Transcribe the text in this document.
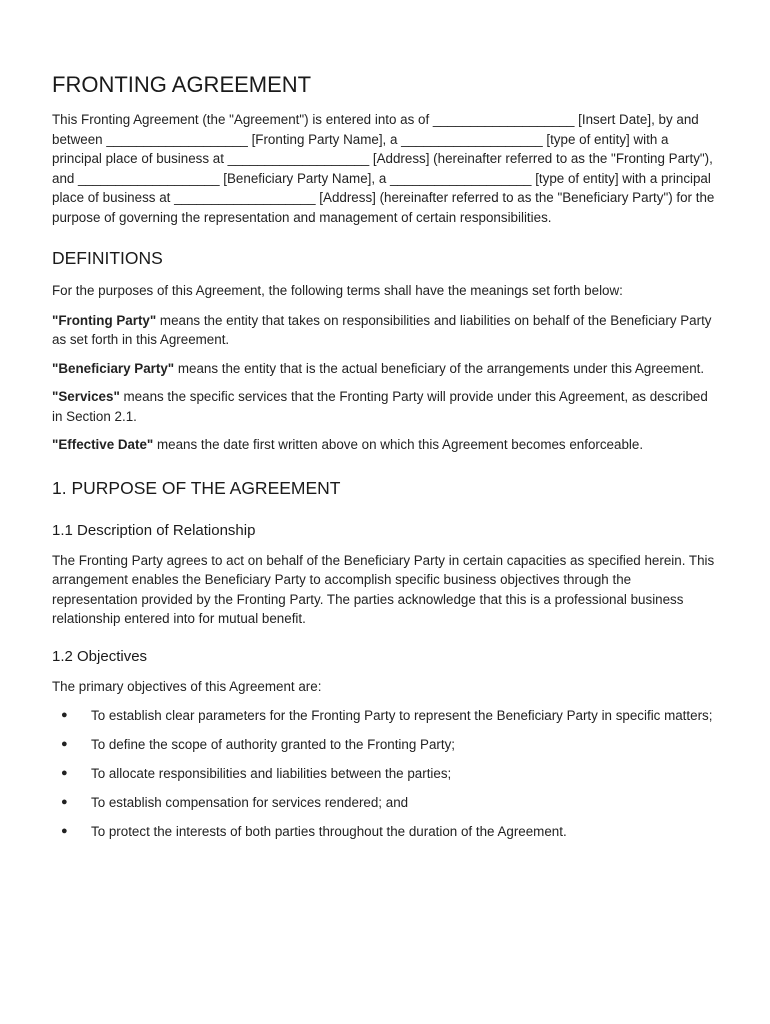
FRONTING AGREEMENT

This Fronting Agreement (the "Agreement") is entered into as of ___________________ [Insert Date], by and between ___________________ [Fronting Party Name], a ___________________ [type of entity] with a principal place of business at ___________________ [Address] (hereinafter referred to as the "Fronting Party"), and ___________________ [Beneficiary Party Name], a ___________________ [type of entity] with a principal place of business at ___________________ [Address] (hereinafter referred to as the "Beneficiary Party") for the purpose of governing the representation and management of certain responsibilities.

DEFINITIONS

For the purposes of this Agreement, the following terms shall have the meanings set forth below:

"Fronting Party" means the entity that takes on responsibilities and liabilities on behalf of the Beneficiary Party as set forth in this Agreement.

"Beneficiary Party" means the entity that is the actual beneficiary of the arrangements under this Agreement.

"Services" means the specific services that the Fronting Party will provide under this Agreement, as described in Section 2.1.

"Effective Date" means the date first written above on which this Agreement becomes enforceable.

1. PURPOSE OF THE AGREEMENT
1.1 Description of Relationship

The Fronting Party agrees to act on behalf of the Beneficiary Party in certain capacities as specified herein. This arrangement enables the Beneficiary Party to accomplish specific business objectives through the representation provided by the Fronting Party. The parties acknowledge that this is a professional business relationship entered into for mutual benefit.

1.2 Objectives

The primary objectives of this Agreement are:

● To establish clear parameters for the Fronting Party to represent the Beneficiary Party in specific matters;
● To define the scope of authority granted to the Fronting Party;
● To allocate responsibilities and liabilities between the parties;
● To establish compensation for services rendered; and
● To protect the interests of both parties throughout the duration of the Agreement.
